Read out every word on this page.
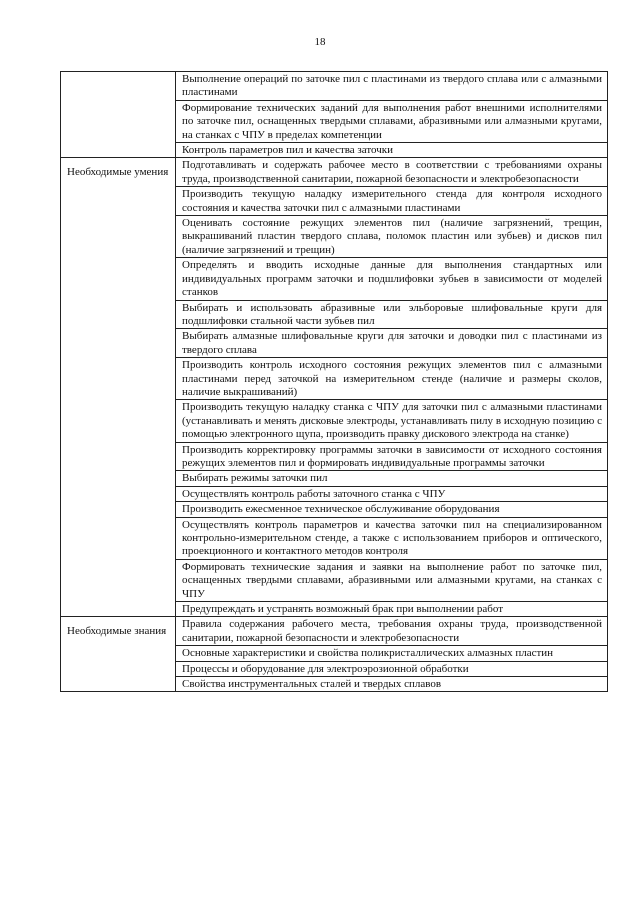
18
	Выполнение операций по заточке пил с пластинами из твердого сплава или с алмазными пластинами
	Формирование технических заданий для выполнения работ внешними исполнителями по заточке пил, оснащенных твердыми сплавами, абразивными или алмазными кругами, на станках с ЧПУ в пределах компетенции
	Контроль параметров пил и качества заточки
Необходимые умения	Подготавливать и содержать рабочее место в соответствии с требованиями охраны труда, производственной санитарии, пожарной безопасности и электробезопасности
	Производить текущую наладку измерительного стенда для контроля исходного состояния и качества заточки пил с алмазными пластинами
	Оценивать состояние режущих элементов пил (наличие загрязнений, трещин, выкрашиваний пластин твердого сплава, поломок пластин или зубьев) и дисков пил (наличие загрязнений и трещин)
	Определять и вводить исходные данные для выполнения стандартных или индивидуальных программ заточки и подшлифовки зубьев в зависимости от моделей станков
	Выбирать и использовать абразивные или эльборовые шлифовальные круги для подшлифовки стальной части зубьев пил
	Выбирать алмазные шлифовальные круги для заточки и доводки пил с пластинами из твердого сплава
	Производить контроль исходного состояния режущих элементов пил с алмазными пластинами перед заточкой на измерительном стенде (наличие и размеры сколов, наличие выкрашиваний)
	Производить текущую наладку станка с ЧПУ для заточки пил с алмазными пластинами (устанавливать и менять дисковые электроды, устанавливать пилу в исходную позицию с помощью электронного щупа, производить правку дискового электрода на станке)
	Производить корректировку программы заточки в зависимости от исходного состояния режущих элементов пил и формировать индивидуальные программы заточки
	Выбирать режимы заточки пил
	Осуществлять контроль работы заточного станка с ЧПУ
	Производить ежесменное техническое обслуживание оборудования
	Осуществлять контроль параметров и качества заточки пил на специализированном контрольно-измерительном стенде, а также с использованием приборов и оптического, проекционного и контактного методов контроля
	Формировать технические задания и заявки на выполнение работ по заточке пил, оснащенных твердыми сплавами, абразивными или алмазными кругами, на станках с ЧПУ
	Предупреждать и устранять возможный брак при выполнении работ
Необходимые знания	Правила содержания рабочего места, требования охраны труда, производственной санитарии, пожарной безопасности и электробезопасности
	Основные характеристики и свойства поликристаллических алмазных пластин
	Процессы и оборудование для электроэрозионной обработки
	Свойства инструментальных сталей и твердых сплавов
